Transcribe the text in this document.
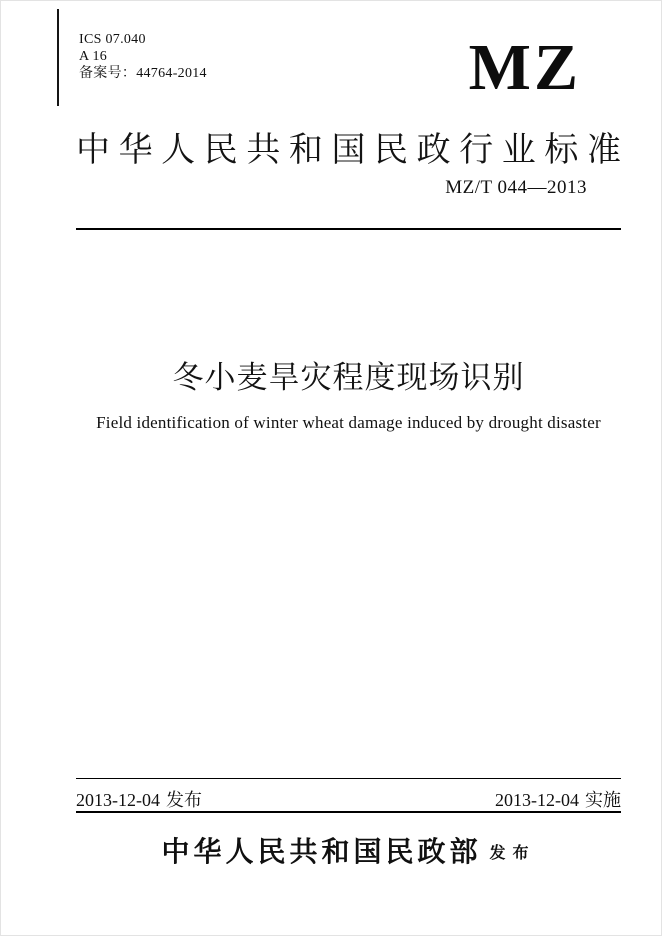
ICS 07.040
A 16
备案号：44764-2014	MZ
中 华 人 民 共 和 国 民 政 行 业 标 准
MZ/T 044—2013
冬小麦旱灾程度现场识别
Field identification of winter wheat damage induced by drought disaster
2013-12-04 发布	2013-12-04 实施
中华人民共和国民政部 发布
